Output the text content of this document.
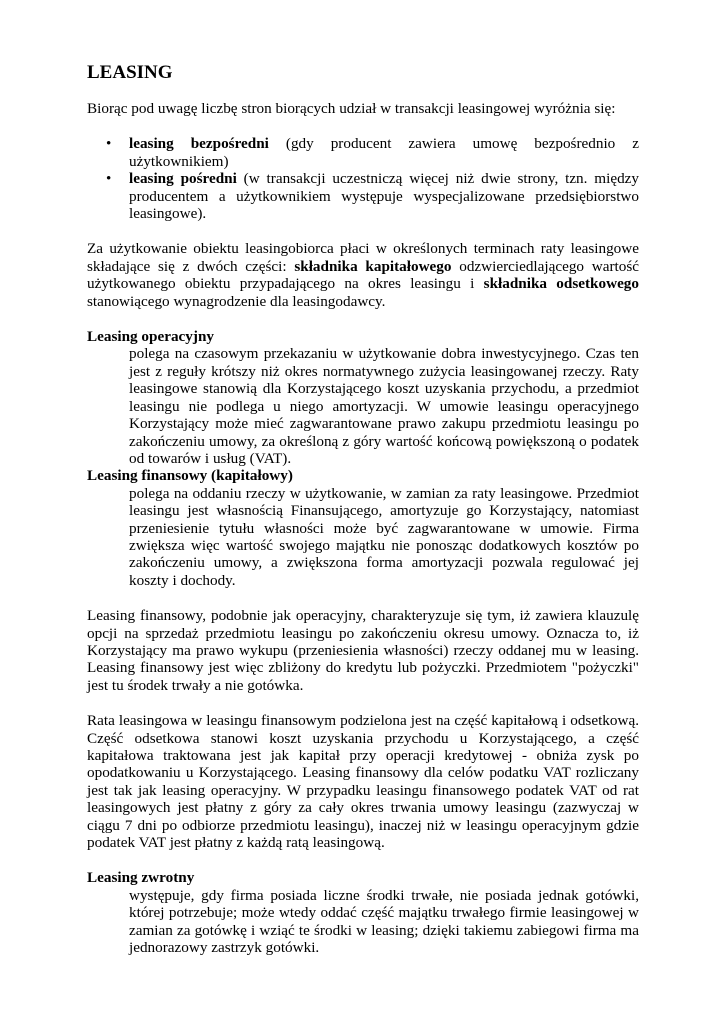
LEASING

Biorąc pod uwagę liczbę stron biorących udział w transakcji leasingowej wyróżnia się:

• leasing bezpośredni (gdy producent zawiera umowę bezpośrednio z użytkownikiem)
• leasing pośredni (w transakcji uczestniczą więcej niż dwie strony, tzn. między producentem a użytkownikiem występuje wyspecjalizowane przedsiębiorstwo leasingowe).

Za użytkowanie obiektu leasingobiorca płaci w określonych terminach raty leasingowe składające się z dwóch części: składnika kapitałowego odzwierciedlającego wartość użytkowanego obiektu przypadającego na okres leasingu i składnika odsetkowego stanowiącego wynagrodzenie dla leasingodawcy.

Leasing operacyjny

polega na czasowym przekazaniu w użytkowanie dobra inwestycyjnego. Czas ten jest z reguły krótszy niż okres normatywnego zużycia leasingowanej rzeczy. Raty leasingowe stanowią dla Korzystającego koszt uzyskania przychodu, a przedmiot leasingu nie podlega u niego amortyzacji. W umowie leasingu operacyjnego Korzystający może mieć zagwarantowane prawo zakupu przedmiotu leasingu po zakończeniu umowy, za określoną z góry wartość końcową powiększoną o podatek od towarów i usług (VAT).

Leasing finansowy (kapitałowy)

polega na oddaniu rzeczy w użytkowanie, w zamian za raty leasingowe. Przedmiot leasingu jest własnością Finansującego, amortyzuje go Korzystający, natomiast przeniesienie tytułu własności może być zagwarantowane w umowie. Firma zwiększa więc wartość swojego majątku nie ponosząc dodatkowych kosztów po zakończeniu umowy, a zwiększona forma amortyzacji pozwala regulować jej koszty i dochody.

Leasing finansowy, podobnie jak operacyjny, charakteryzuje się tym, iż zawiera klauzulę opcji na sprzedaż przedmiotu leasingu po zakończeniu okresu umowy. Oznacza to, iż Korzystający ma prawo wykupu (przeniesienia własności) rzeczy oddanej mu w leasing. Leasing finansowy jest więc zbliżony do kredytu lub pożyczki. Przedmiotem "pożyczki" jest tu środek trwały a nie gotówka.

Rata leasingowa w leasingu finansowym podzielona jest na część kapitałową i odsetkową. Część odsetkowa stanowi koszt uzyskania przychodu u Korzystającego, a część kapitałowa traktowana jest jak kapitał przy operacji kredytowej - obniża zysk po opodatkowaniu u Korzystającego. Leasing finansowy dla celów podatku VAT rozliczany jest tak jak leasing operacyjny. W przypadku leasingu finansowego podatek VAT od rat leasingowych jest płatny z góry za cały okres trwania umowy leasingu (zazwyczaj w ciągu 7 dni po odbiorze przedmiotu leasingu), inaczej niż w leasingu operacyjnym gdzie podatek VAT jest płatny z każdą ratą leasingową.

Leasing zwrotny

występuje, gdy firma posiada liczne środki trwałe, nie posiada jednak gotówki, której potrzebuje; może wtedy oddać część majątku trwałego firmie leasingowej w zamian za gotówkę i wziąć te środki w leasing; dzięki takiemu zabiegowi firma ma jednorazowy zastrzyk gotówki.
